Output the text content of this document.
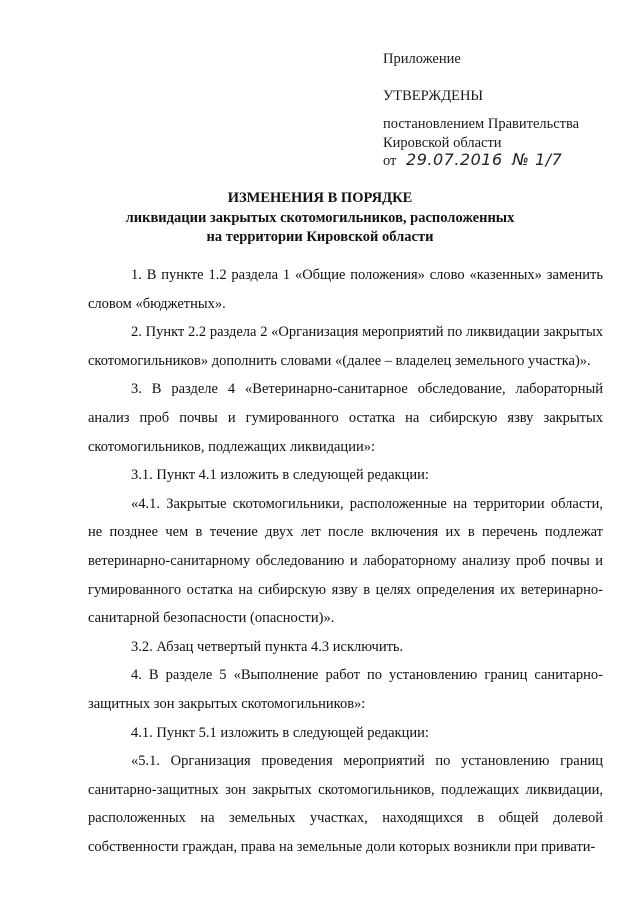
Приложение
УТВЕРЖДЕНЫ
постановлением Правительства
Кировской области
от 29.07.2016 № 1/7
ИЗМЕНЕНИЯ В ПОРЯДКЕ
ликвидации закрытых скотомогильников, расположенных
на территории Кировской области

1. В пункте 1.2 раздела 1 «Общие положения» слово «казенных» заменить словом «бюджетных».

2. Пункт 2.2 раздела 2 «Организация мероприятий по ликвидации закрытых скотомогильников» дополнить словами «(далее – владелец земельного участка)».

3. В разделе 4 «Ветеринарно-санитарное обследование, лабораторный анализ проб почвы и гумированного остатка на сибирскую язву закрытых скотомогильников, подлежащих ликвидации»:

3.1. Пункт 4.1 изложить в следующей редакции:

«4.1. Закрытые скотомогильники, расположенные на территории области, не позднее чем в течение двух лет после включения их в перечень подлежат ветеринарно-санитарному обследованию и лабораторному анализу проб почвы и гумированного остатка на сибирскую язву в целях определения их ветеринарно-санитарной безопасности (опасности)».

3.2. Абзац четвертый пункта 4.3 исключить.

4. В разделе 5 «Выполнение работ по установлению границ санитарно-защитных зон закрытых скотомогильников»:

4.1. Пункт 5.1 изложить в следующей редакции:

«5.1. Организация проведения мероприятий по установлению границ санитарно-защитных зон закрытых скотомогильников, подлежащих ликвидации, расположенных на земельных участках, находящихся в общей долевой собственности граждан, права на земельные доли которых возникли при привати-
